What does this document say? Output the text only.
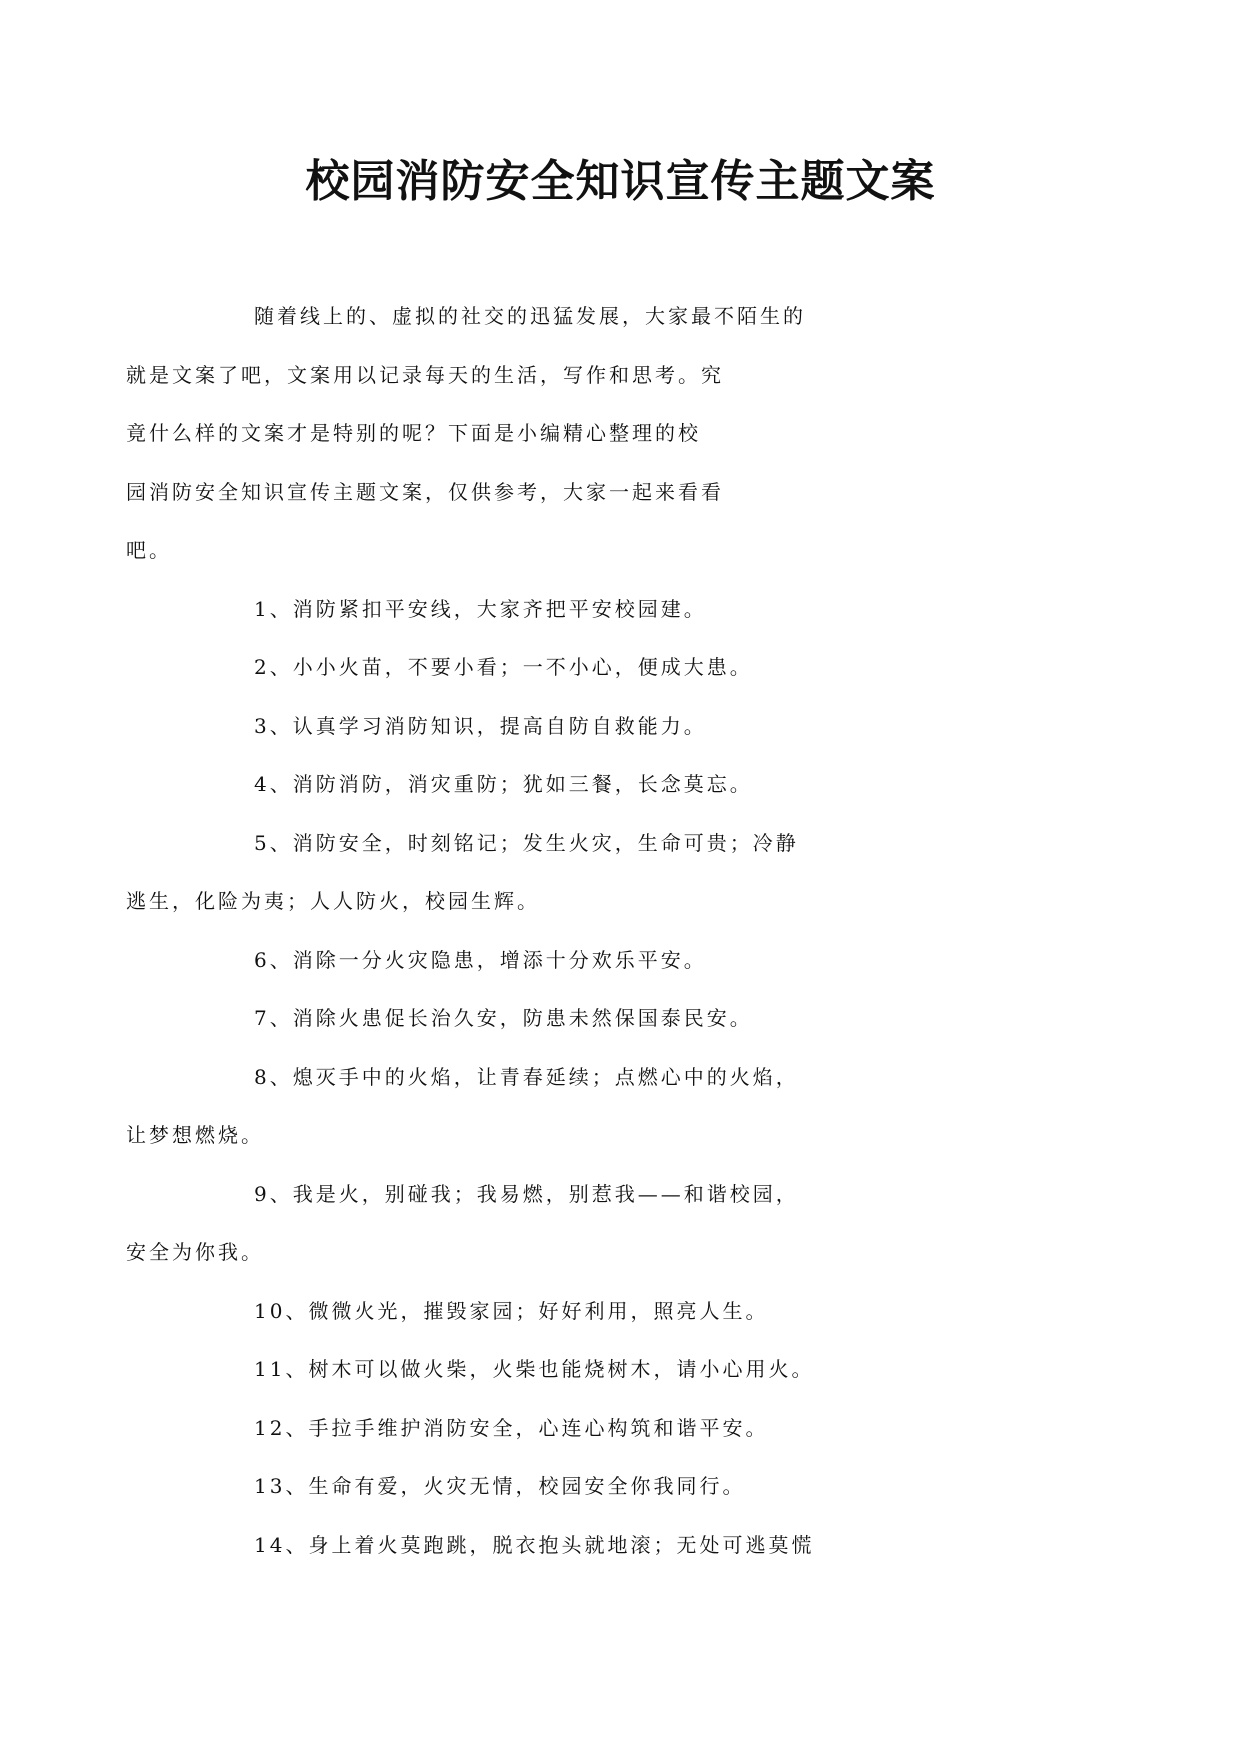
校园消防安全知识宣传主题文案

随着线上的、虚拟的社交的迅猛发展，大家最不陌生的
就是文案了吧，文案用以记录每天的生活，写作和思考。究
竟什么样的文案才是特别的呢？下面是小编精心整理的校
园消防安全知识宣传主题文案，仅供参考，大家一起来看看
吧。

1、消防紧扣平安线，大家齐把平安校园建。

2、小小火苗，不要小看；一不小心，便成大患。

3、认真学习消防知识，提高自防自救能力。

4、消防消防，消灾重防；犹如三餐，长念莫忘。

5、消防安全，时刻铭记；发生火灾，生命可贵；冷静
逃生，化险为夷；人人防火，校园生辉。

6、消除一分火灾隐患，增添十分欢乐平安。

7、消除火患促长治久安，防患未然保国泰民安。

8、熄灭手中的火焰，让青春延续；点燃心中的火焰，
让梦想燃烧。

9、我是火，别碰我；我易燃，别惹我——和谐校园，
安全为你我。

10、微微火光，摧毁家园；好好利用，照亮人生。

11、树木可以做火柴，火柴也能烧树木，请小心用火。

12、手拉手维护消防安全，心连心构筑和谐平安。

13、生命有爱，火灾无情，校园安全你我同行。

14、身上着火莫跑跳，脱衣抱头就地滚；无处可逃莫慌
